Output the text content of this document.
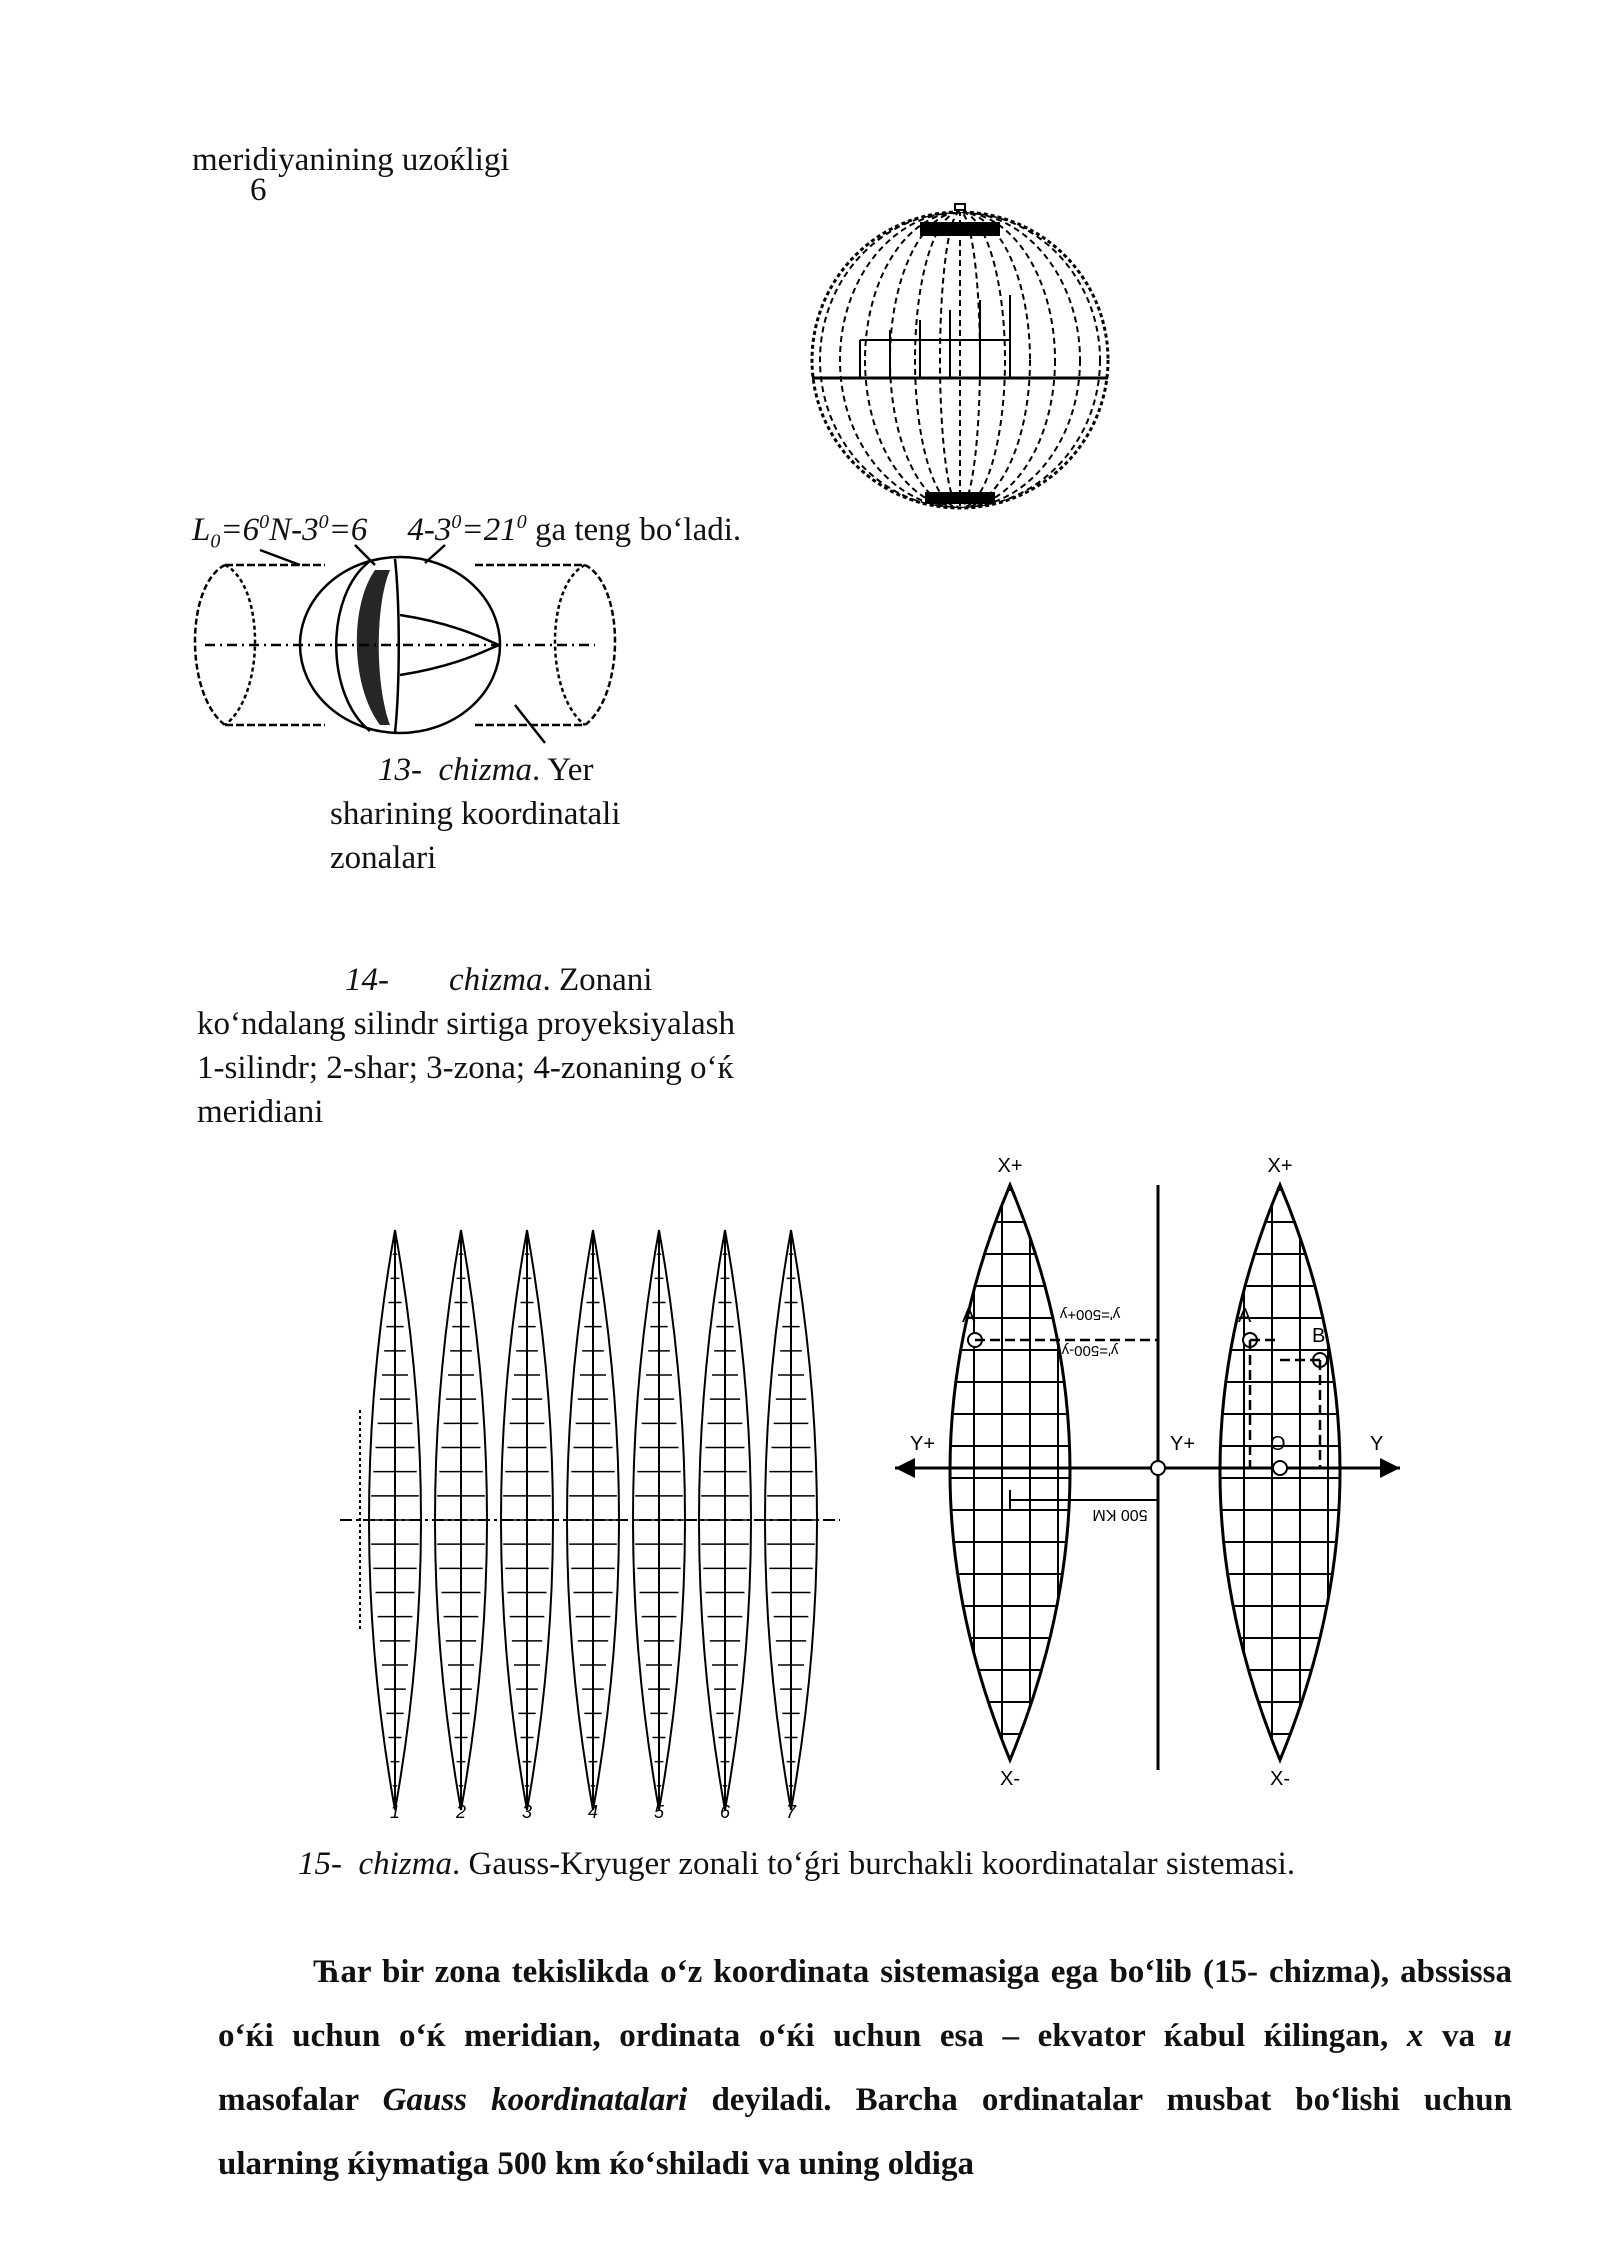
meridiyanining uzoќligi
6
$L_0=6^0N-3^0=6$ $4-3^0=21^0$ ga teng bo‘ladi.
13- chizma. Yer sharining koordinatali zonalari
14- chizma. Zonani ko‘ndalang silindr sirtiga proyeksiyalash 1-silindr; 2-shar; 3-zona; 4-zonaning o‘ќ meridiani
1	2	3	4	5	6	7
X+	X+
X-	X-
Y+	Y+	Y
A	A
B
O
500 KM
y'=500+y
y'=500-y
15- chizma. Gauss-Kryuger zonali to‘ǵri burchakli koordinatalar sistemasi.
Ћar bir zona tekislikda o‘z koordinata sistemasiga ega bo‘lib (15- chizma), abssissa o‘ќi uchun o‘ќ meridian, ordinata o‘ќi uchun esa – ekvator ќabul ќilingan, x va u masofalar Gauss koordinatalari deyiladi. Barcha ordinatalar musbat bo‘lishi uchun ularning ќiymatiga 500 km ќo‘shiladi va uning oldiga
